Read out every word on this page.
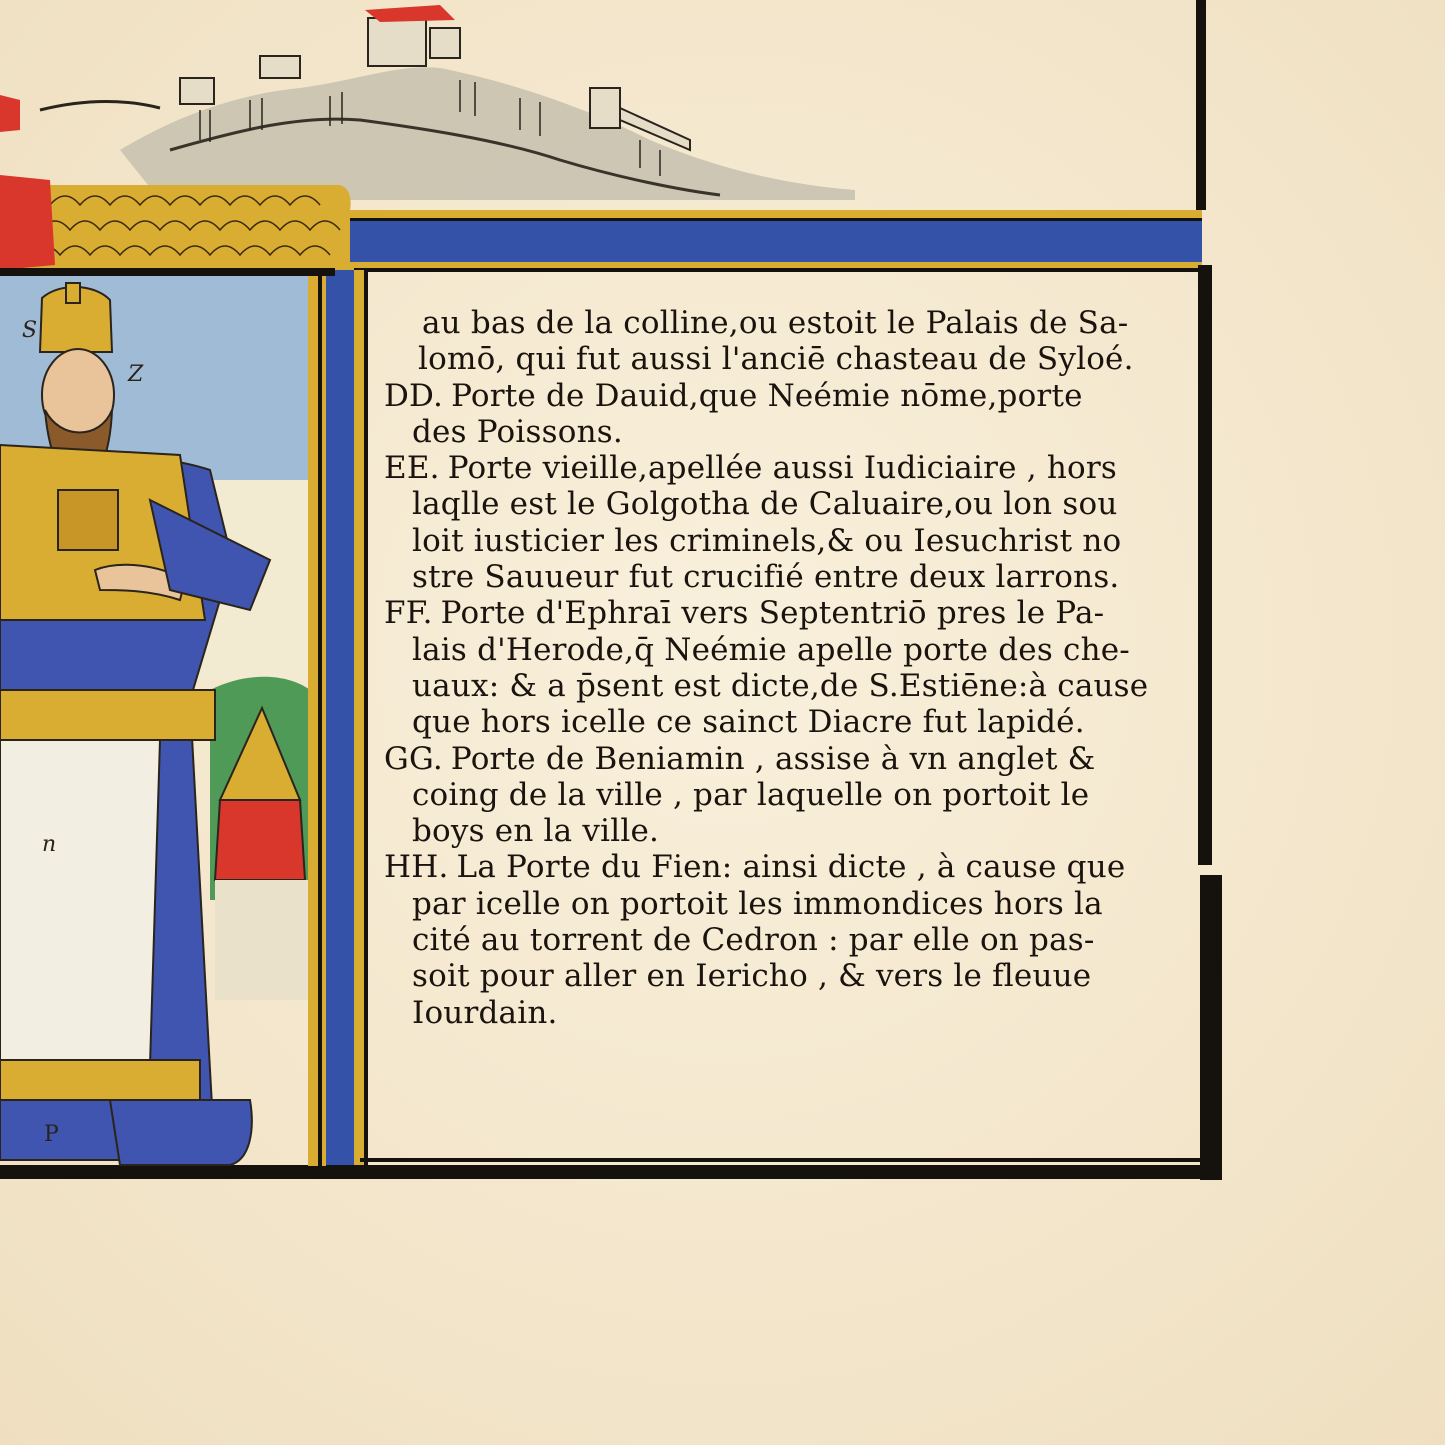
S
Z
n
P
au bas de la colline,ou estoit le Palais de Sa-
lomō, qui fut aussi l'anciē chasteau de Syloé.
DD. Porte de Dauid,que Neémie nōme,porte
des Poissons.
EE. Porte vieille,apellée aussi Iudiciaire , hors
laqlle est le Golgotha de Caluaire,ou lon sou
loit iusticier les criminels,& ou Iesuchrist no
stre Sauueur fut crucifié entre deux larrons.
FF. Porte d'Ephraī vers Septentriō pres le Pa-
lais d'Herode,q̄ Neémie apelle porte des che-
uaux: & a p̄sent est dicte,de S.Estiēne:à cause
que hors icelle ce sainct Diacre fut lapidé.
GG. Porte de Beniamin , assise à vn anglet &
coing de la ville , par laquelle on portoit le
boys en la ville.
HH. La Porte du Fien: ainsi dicte , à cause que
par icelle on portoit les immondices hors la
cité au torrent de Cedron : par elle on pas-
soit pour aller en Iericho , & vers le fleuue
Iourdain.
